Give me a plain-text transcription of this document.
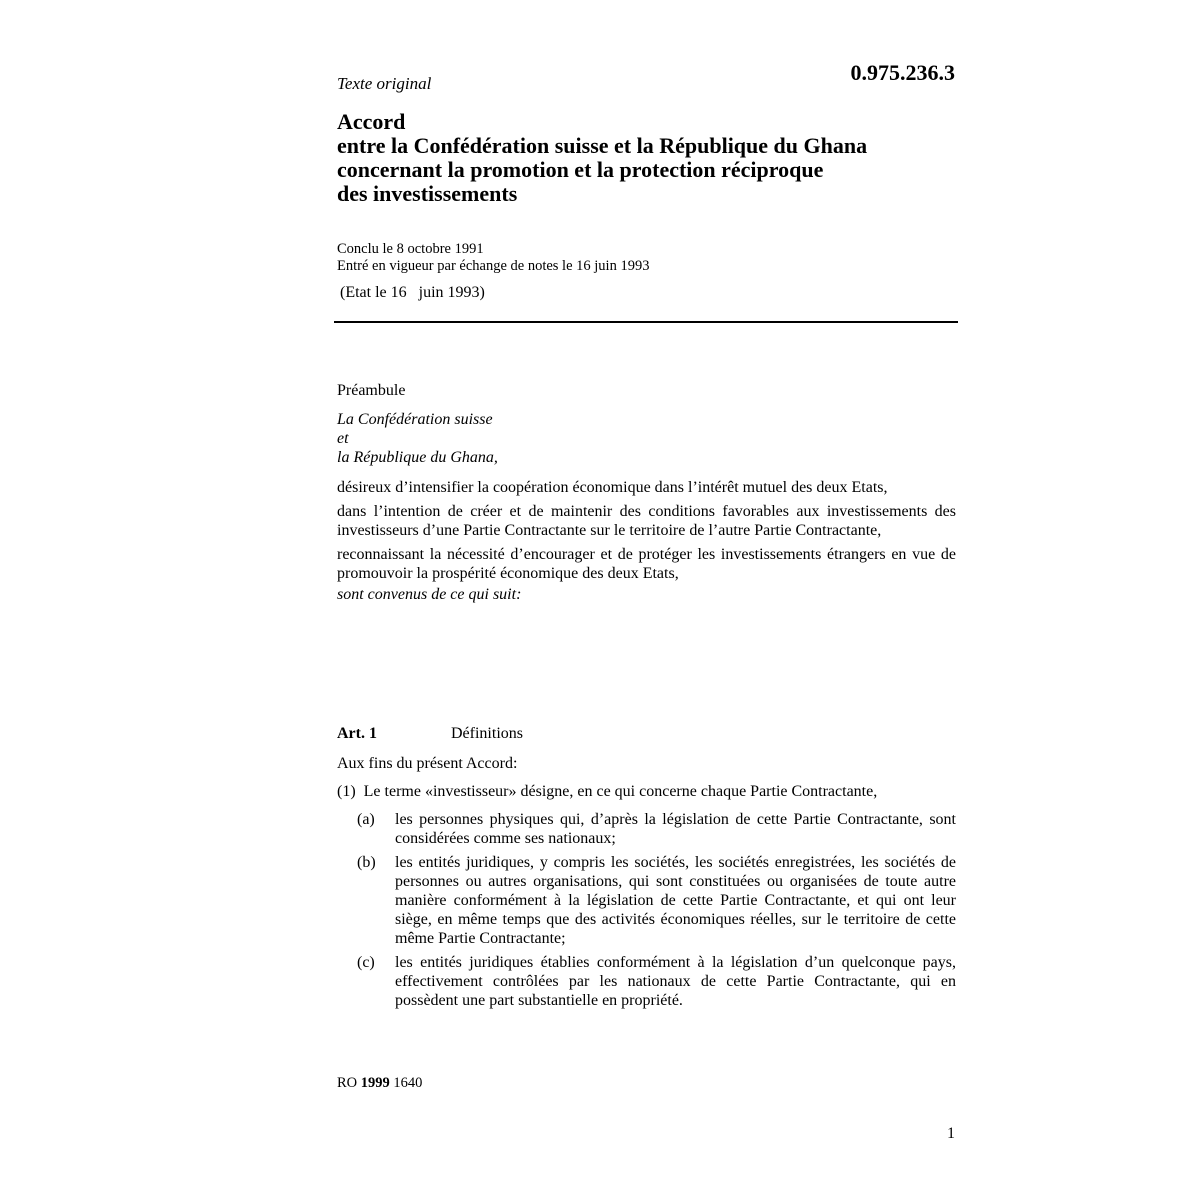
Texte original	0.975.236.3
Accord
entre la Confédération suisse et la République du Ghana
concernant la promotion et la protection réciproque
des investissements
Conclu le 8 octobre 1991
Entré en vigueur par échange de notes le 16 juin 1993
(Etat le 16   juin 1993)
Préambule
La Confédération suisse
et
la République du Ghana,

désireux d’intensifier la coopération économique dans l’intérêt mutuel des deux Etats,

dans l’intention de créer et de maintenir des conditions favorables aux investissements des investisseurs d’une Partie Contractante sur le territoire de l’autre Partie Contractante,

reconnaissant la nécessité d’encourager et de protéger les investissements étrangers en vue de promouvoir la prospérité économique des deux Etats,

sont convenus de ce qui suit:

Art. 1	Définitions

Aux fins du présent Accord:

(1)  Le terme «investisseur» désigne, en ce qui concerne chaque Partie Contractante,

(a)	les personnes physiques qui, d’après la législation de cette Partie Contractante, sont considérées comme ses nationaux;
(b)	les entités juridiques, y compris les sociétés, les sociétés enregistrées, les sociétés de personnes ou autres organisations, qui sont constituées ou organisées de toute autre manière conformément à la législation de cette Partie Contractante, et qui ont leur siège, en même temps que des activités économiques réelles, sur le territoire de cette même Partie Contractante;
(c)	les entités juridiques établies conformément à la législation d’un quelconque pays, effectivement contrôlées par les nationaux de cette Partie Contractante, qui en possèdent une part substantielle en propriété.
RO 1999 1640
1
